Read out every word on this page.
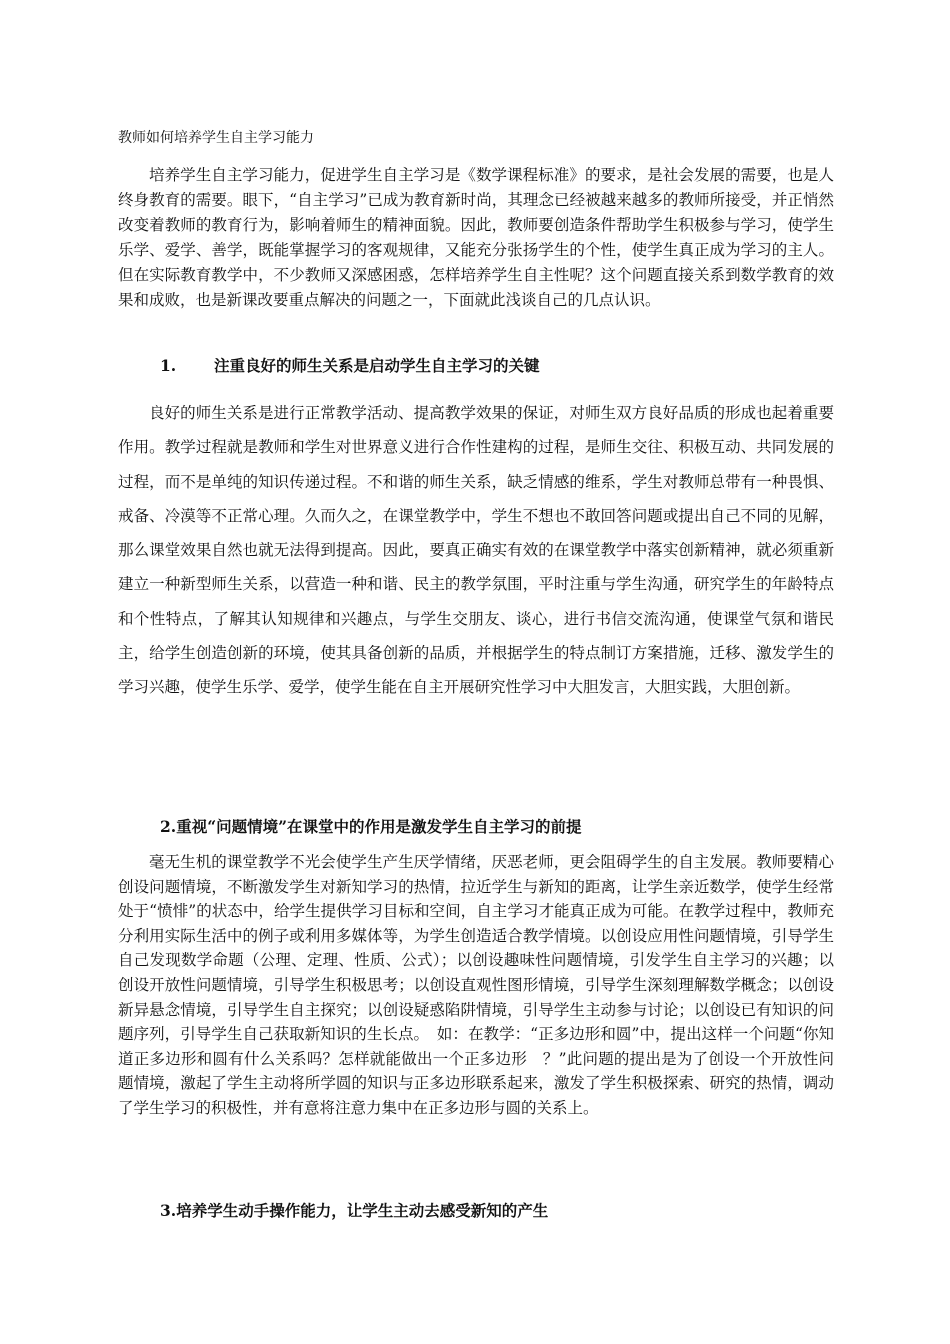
教师如何培养学生自主学习能力

培养学生自主学习能力，促进学生自主学习是《数学课程标准》的要求，是社会发展的需要，也是人终身教育的需要。眼下，“自主学习”已成为教育新时尚，其理念已经被越来越多的教师所接受，并正悄然改变着教师的教育行为，影响着师生的精神面貌。因此，教师要创造条件帮助学生积极参与学习，使学生乐学、爱学、善学，既能掌握学习的客观规律，又能充分张扬学生的个性，使学生真正成为学习的主人。但在实际教育教学中，不少教师又深感困惑，怎样培养学生自主性呢？这个问题直接关系到数学教育的效果和成败，也是新课改要重点解决的问题之一，下面就此浅谈自己的几点认识。

1. 注重良好的师生关系是启动学生自主学习的关键

良好的师生关系是进行正常教学活动、提高教学效果的保证，对师生双方良好品质的形成也起着重要作用。教学过程就是教师和学生对世界意义进行合作性建构的过程，是师生交往、积极互动、共同发展的过程，而不是单纯的知识传递过程。不和谐的师生关系，缺乏情感的维系，学生对教师总带有一种畏惧、戒备、冷漠等不正常心理。久而久之，在课堂教学中，学生不想也不敢回答问题或提出自己不同的见解，那么课堂效果自然也就无法得到提高。因此，要真正确实有效的在课堂教学中落实创新精神，就必须重新建立一种新型师生关系，以营造一种和谐、民主的教学氛围，平时注重与学生沟通，研究学生的年龄特点和个性特点，了解其认知规律和兴趣点，与学生交朋友、谈心，进行书信交流沟通，使课堂气氛和谐民主，给学生创造创新的环境，使其具备创新的品质，并根据学生的特点制订方案措施，迁移、激发学生的学习兴趣，使学生乐学、爱学，使学生能在自主开展研究性学习中大胆发言，大胆实践，大胆创新。

2.重视“问题情境”在课堂中的作用是激发学生自主学习的前提

毫无生机的课堂教学不光会使学生产生厌学情绪，厌恶老师，更会阻碍学生的自主发展。教师要精心创设问题情境，不断激发学生对新知学习的热情，拉近学生与新知的距离，让学生亲近数学，使学生经常处于“愤悱”的状态中，给学生提供学习目标和空间，自主学习才能真正成为可能。在教学过程中，教师充分利用实际生活中的例子或利用多媒体等，为学生创造适合教学情境。以创设应用性问题情境，引导学生自己发现数学命题（公理、定理、性质、公式）；以创设趣味性问题情境，引发学生自主学习的兴趣；以创设开放性问题情境，引导学生积极思考；以创设直观性图形情境，引导学生深刻理解数学概念；以创设新异悬念情境，引导学生自主探究；以创设疑惑陷阱情境，引导学生主动参与讨论；以创设已有知识的问题序列，引导学生自己获取新知识的生长点。　如：在教学：“正多边形和圆”中，提出这样一个问题“你知道正多边形和圆有什么关系吗？怎样就能做出一个正多边形　？”此问题的提出是为了创设一个开放性问题情境，激起了学生主动将所学圆的知识与正多边形联系起来，激发了学生积极探索、研究的热情，调动了学生学习的积极性，并有意将注意力集中在正多边形与圆的关系上。

3.培养学生动手操作能力，让学生主动去感受新知的产生
